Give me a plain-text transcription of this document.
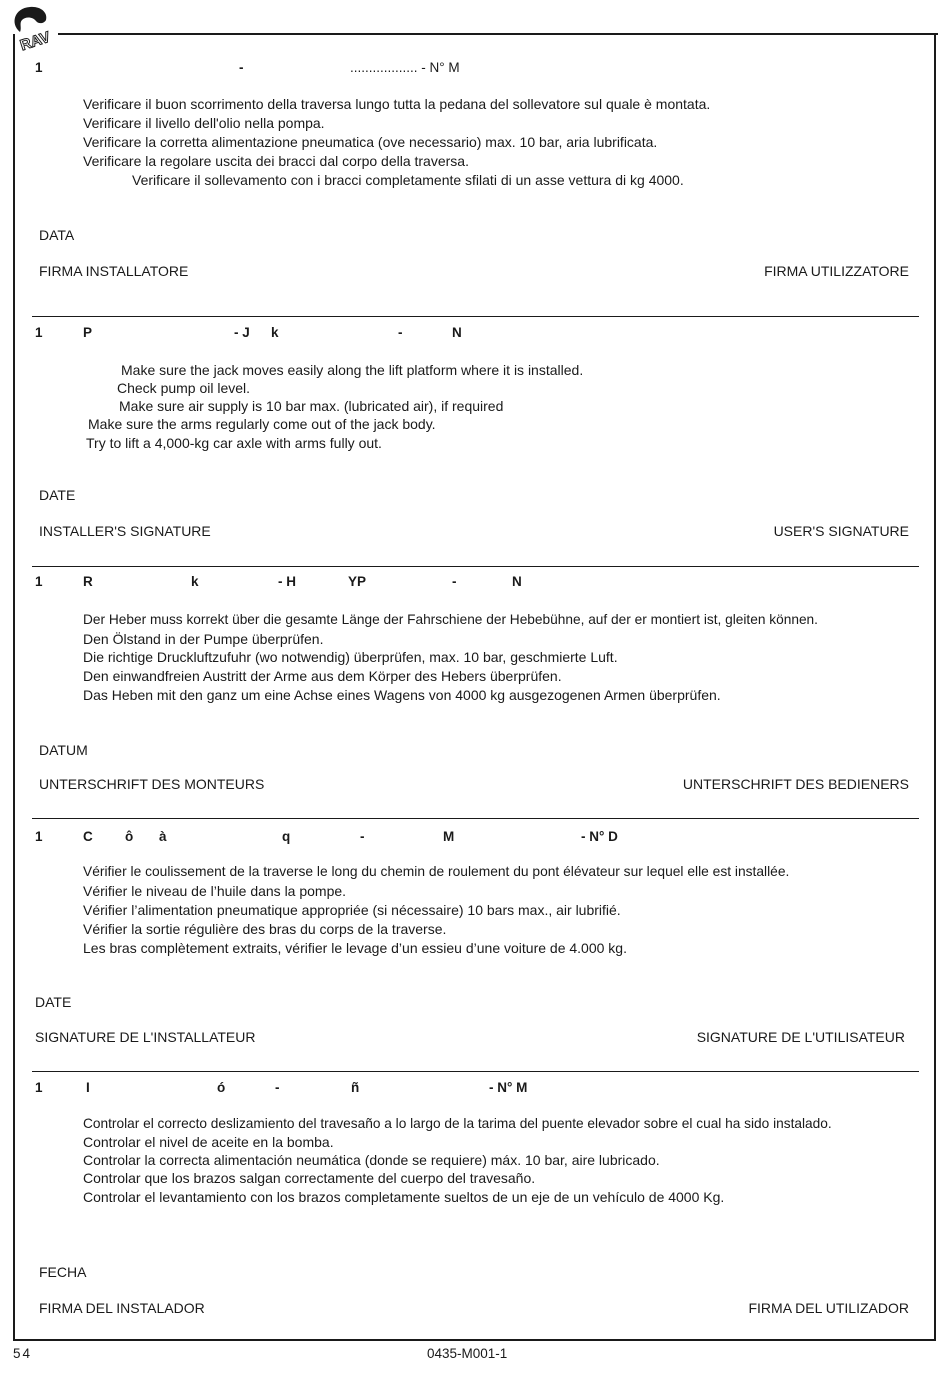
RAV
1	-	.................. - N° M
Verificare il buon scorrimento della traversa lungo tutta la pedana del sollevatore sul quale è montata.
Verificare il livello dell'olio nella pompa.
Verificare la corretta alimentazione pneumatica (ove necessario) max. 10 bar, aria lubrificata.
Verificare la regolare uscita dei bracci dal corpo della traversa.
Verificare il sollevamento con i bracci completamente sfilati di un asse vettura di kg 4000.
DATA
FIRMA INSTALLATORE	FIRMA UTILIZZATORE
1	P	- J k	-	N
Make sure the jack moves easily along the lift platform where it is installed.
Check pump oil level.
Make sure air supply is 10 bar max. (lubricated air), if required
Make sure the arms regularly come out of the jack body.
Try to lift a 4,000-kg car axle with arms fully out.
DATE
INSTALLER'S SIGNATURE	USER'S SIGNATURE
1	R	k	- H	YP	-	N
Der Heber muss korrekt über die gesamte Länge der Fahrschiene der Hebebühne, auf der er montiert ist, gleiten können.
Den Ölstand in der Pumpe überprüfen.
Die richtige Druckluftzufuhr (wo notwendig) überprüfen, max. 10 bar, geschmierte Luft.
Den einwandfreien Austritt der Arme aus dem Körper des Hebers überprüfen.
Das Heben mit den ganz um eine Achse eines Wagens von 4000 kg ausgezogenen Armen überprüfen.
DATUM
UNTERSCHRIFT DES MONTEURS	UNTERSCHRIFT DES BEDIENERS
1	C ô à	q	-	M	- N° D
Vérifier le coulissement de la traverse le long du chemin de roulement du pont élévateur sur lequel elle est installée.
Vérifier le niveau de l’huile dans la pompe.
Vérifier l’alimentation pneumatique appropriée (si nécessaire) 10 bars max., air lubrifié.
Vérifier la sortie régulière des bras du corps de la traverse.
Les bras complètement extraits, vérifier le levage d’un essieu d’une voiture de 4.000 kg.
DATE
SIGNATURE DE L'INSTALLATEUR	SIGNATURE DE L'UTILISATEUR
1	I	ó	-	ñ	- N° M
Controlar el correcto deslizamiento del travesaño a lo largo de la tarima del puente elevador sobre el cual ha sido instalado.
Controlar el nivel de aceite en la bomba.
Controlar la correcta alimentación neumática (donde se requiere) máx. 10 bar, aire lubricado.
Controlar que los brazos salgan correctamente del cuerpo del travesaño.
Controlar el levantamiento con los brazos completamente sueltos de un eje de un vehículo de 4000 Kg.
FECHA
FIRMA DEL INSTALADOR	FIRMA DEL UTILIZADOR
54	0435-M001-1
